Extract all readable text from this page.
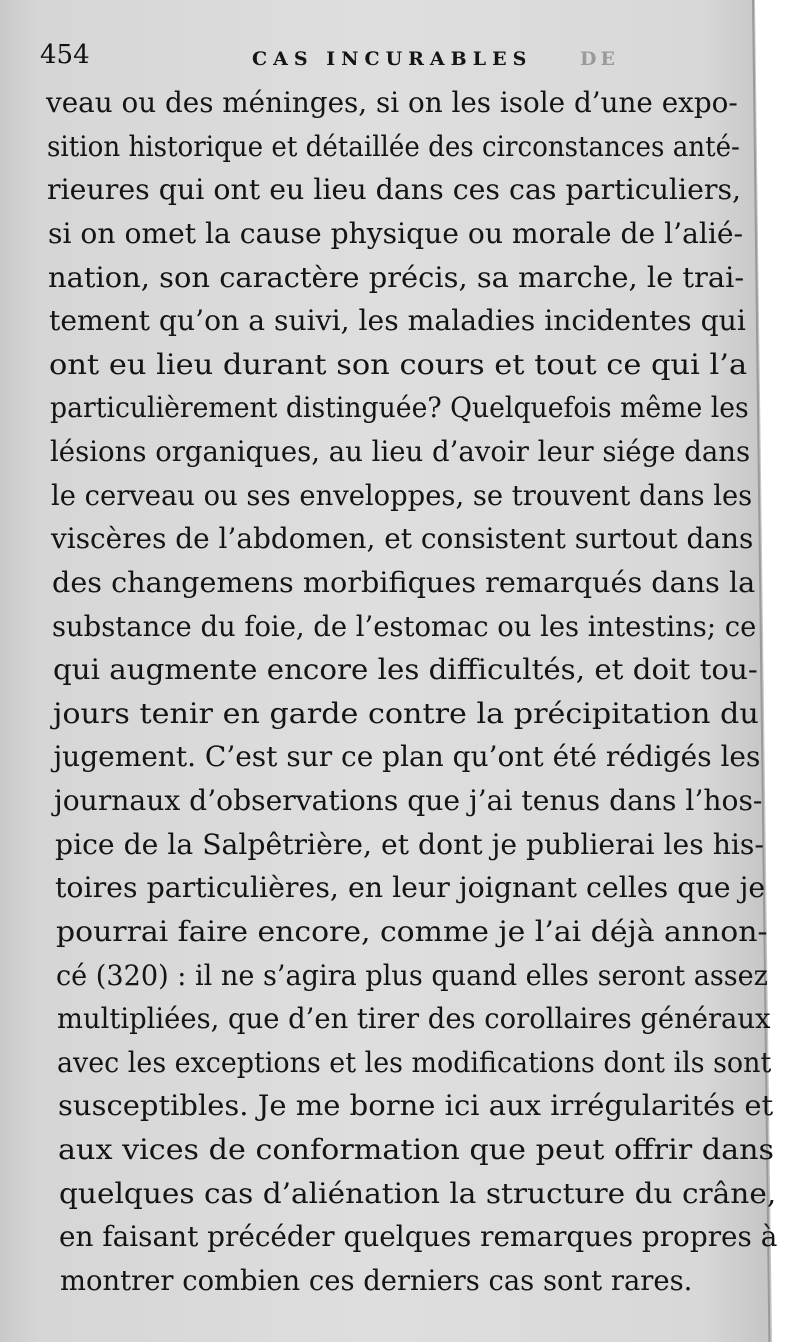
454	CAS INCURABLES	DE
veau ou des méninges, si on les isole d’une expo-
sition historique et détaillée des circonstances anté-
rieures qui ont eu lieu dans ces cas particuliers,
si on omet la cause physique ou morale de l’alié-
nation, son caractère précis, sa marche, le trai-
tement qu’on a suivi, les maladies incidentes qui
ont eu lieu durant son cours et tout ce qui l’a
particulièrement distinguée? Quelquefois même les
lésions organiques, au lieu d’avoir leur siége dans
le cerveau ou ses enveloppes, se trouvent dans les
viscères de l’abdomen, et consistent surtout dans
des changemens morbifiques remarqués dans la
substance du foie, de l’estomac ou les intestins; ce
qui augmente encore les difficultés, et doit tou-
jours tenir en garde contre la précipitation du
jugement. C’est sur ce plan qu’ont été rédigés les
journaux d’observations que j’ai tenus dans l’hos-
pice de la Salpêtrière, et dont je publierai les his-
toires particulières, en leur joignant celles que je
pourrai faire encore, comme je l’ai déjà annon-
cé (320) : il ne s’agira plus quand elles seront assez
multipliées, que d’en tirer des corollaires généraux
avec les exceptions et les modifications dont ils sont
susceptibles. Je me borne ici aux irrégularités et
aux vices de conformation que peut offrir dans
quelques cas d’aliénation la structure du crâne,
en faisant précéder quelques remarques propres à
montrer combien ces derniers cas sont rares.
